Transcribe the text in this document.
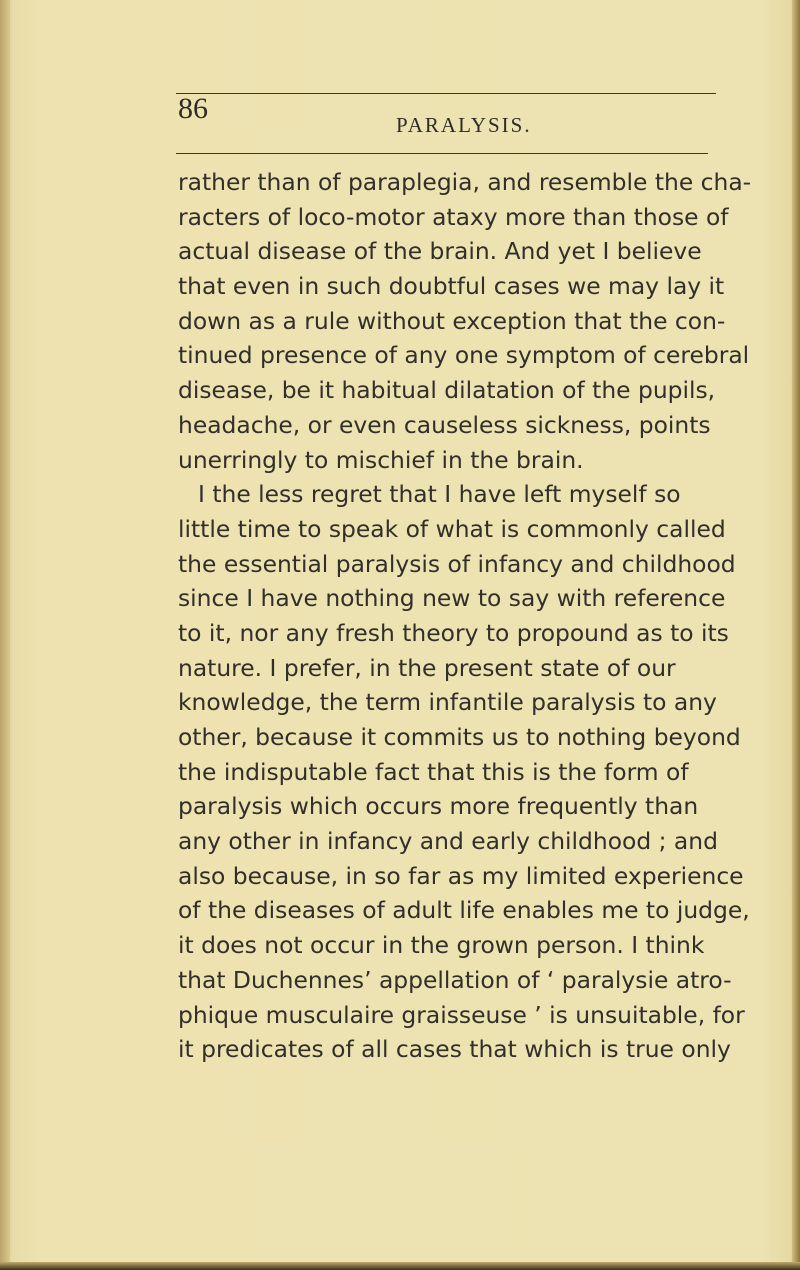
86	PARALYSIS.
rather than of paraplegia, and resemble the cha-
racters of loco-motor ataxy more than those of
actual disease of the brain. And yet I believe
that even in such doubtful cases we may lay it
down as a rule without exception that the con-
tinued presence of any one symptom of cerebral
disease, be it habitual dilatation of the pupils,
headache, or even causeless sickness, points
unerringly to mischief in the brain.
I the less regret that I have left myself so
little time to speak of what is commonly called
the essential paralysis of infancy and childhood
since I have nothing new to say with reference
to it, nor any fresh theory to propound as to its
nature. I prefer, in the present state of our
knowledge, the term infantile paralysis to any
other, because it commits us to nothing beyond
the indisputable fact that this is the form of
paralysis which occurs more frequently than
any other in infancy and early childhood ; and
also because, in so far as my limited experience
of the diseases of adult life enables me to judge,
it does not occur in the grown person. I think
that Duchennes’ appellation of ‘ paralysie atro-
phique musculaire graisseuse ’ is unsuitable, for
it predicates of all cases that which is true only
